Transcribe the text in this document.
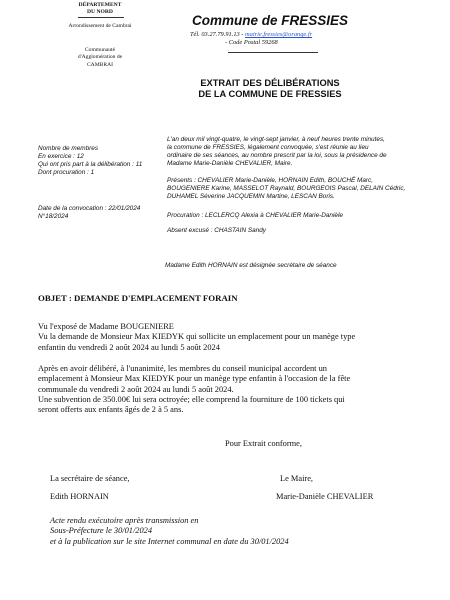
DÉPARTEMENT
DU NORD
Arrondissement de Cambrai
Communauté
d'Agglomération de
CAMBRAI
Commune de FRESSIES
Tél. 03.27.79.91.13 - mairie.fressies@orange.fr
- Code Postal 59268
EXTRAIT DES DÉLIBÉRATIONS
DE LA COMMUNE DE FRESSIES
Nombre de membres
En exercice : 12
Qui ont pris part à la délibération : 11
Dont procuration : 1
Date de la convocation : 22/01/2024
N°18/2024
L'an deux mil vingt-quatre, le vingt-sept janvier, à neuf heures trente minutes,
la commune de FRESSIES, légalement convoquée, s'est réunie au lieu
ordinaire de ses séances, au nombre prescrit par la loi, sous la présidence de
Madame Marie-Danièle CHEVALIER, Maire.
Présents : CHEVALIER Marie-Danièle, HORNAIN Edith, BOUCHÉ Marc,
BOUGENIERE Karine, MASSELOT Raynald, BOURGEOIS Pascal, DELAIN Cédric,
DUHAMEL Séverine JACQUEMIN Martine, LESCAN Boris.
Procuration : LECLERCQ Alexia à CHEVALIER Marie-Danièle
Absent excusé : CHASTAIN Sandy
Madame Edith HORNAIN est désignée secrétaire de séance
OBJET : DEMANDE D'EMPLACEMENT FORAIN
Vu l'exposé de Madame BOUGENIERE
Vu la demande de Monsieur Max KIEDYK qui sollicite un emplacement pour un manège type
enfantin du vendredi 2 août 2024 au lundi 5 août 2024
Après en avoir délibéré, à l'unanimité, les membres du conseil municipal accordent un
emplacement à Monsieur Max KIEDYK pour un manège type enfantin à l'occasion de la fête
communale du vendredi 2 août 2024 au lundi 5 août 2024.
Une subvention de 350.00€ lui sera octroyée; elle comprend la fourniture de 100 tickets qui
seront offerts aux enfants âgés de 2 à 5 ans.
Pour Extrait conforme,
La secrétaire de séance,	Le Maire,
Edith HORNAIN	Marie-Danièle CHEVALIER
Acte rendu exécutoire après transmission en
Sous-Préfecture le 30/01/2024
et à la publication sur le site Internet communal en date du 30/01/2024
